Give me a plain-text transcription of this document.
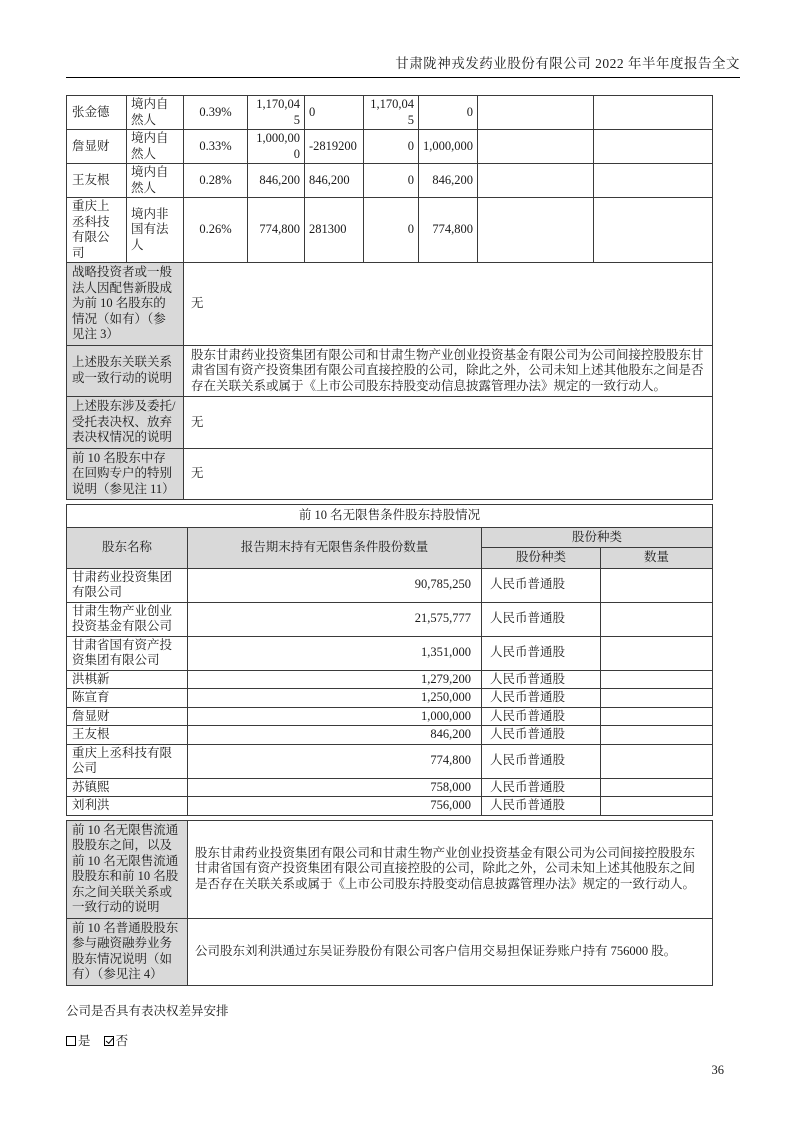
甘肃陇神戎发药业股份有限公司 2022 年半年度报告全文
张金德	境内自然人	0.39%	1,170,045	0	1,170,045	0		
詹显财	境内自然人	0.33%	1,000,000	-2819200	0	1,000,000		
王友根	境内自然人	0.28%	846,200	846,200	0	846,200		
重庆上丞科技有限公司	境内非国有法人	0.26%	774,800	281300	0	774,800		
战略投资者或一般法人因配售新股成为前 10 名股东的情况（如有）（参见注 3）		无						
上述股东关联关系或一致行动的说明		股东甘肃药业投资集团有限公司和甘肃生物产业创业投资基金有限公司为公司间接控股股东甘肃省国有资产投资集团有限公司直接控股的公司，除此之外，公司未知上述其他股东之间是否存在关联关系或属于《上市公司股东持股变动信息披露管理办法》规定的一致行动人。						
上述股东涉及委托/受托表决权、放弃表决权情况的说明		无						
前 10 名股东中存在回购专户的特别说明（参见注 11）		无						
前 10 名无限售条件股东持股情况			
股东名称	报告期末持有无限售条件股份数量	股份种类	
		股份种类	数量
甘肃药业投资集团有限公司	90,785,250	人民币普通股	
甘肃生物产业创业投资基金有限公司	21,575,777	人民币普通股	
甘肃省国有资产投资集团有限公司	1,351,000	人民币普通股	
洪棋新	1,279,200	人民币普通股	
陈宣育	1,250,000	人民币普通股	
詹显财	1,000,000	人民币普通股	
王友根	846,200	人民币普通股	
重庆上丞科技有限公司	774,800	人民币普通股	
苏镇熙	758,000	人民币普通股	
刘利洪	756,000	人民币普通股	
前 10 名无限售流通股股东之间，以及前 10 名无限售流通股股东和前 10 名股东之间关联关系或一致行动的说明	股东甘肃药业投资集团有限公司和甘肃生物产业创业投资基金有限公司为公司间接控股股东甘肃省国有资产投资集团有限公司直接控股的公司，除此之外，公司未知上述其他股东之间是否存在关联关系或属于《上市公司股东持股变动信息披露管理办法》规定的一致行动人。
前 10 名普通股股东参与融资融券业务股东情况说明（如有）（参见注 4）	公司股东刘利洪通过东吴证券股份有限公司客户信用交易担保证券账户持有 756000 股。
公司是否具有表决权差异安排
是 否
36
